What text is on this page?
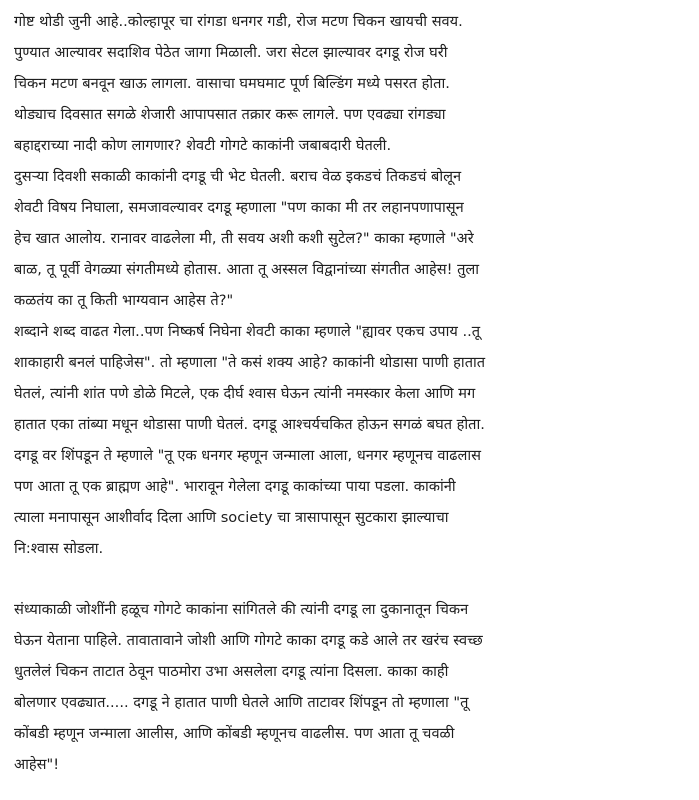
गोष्ट थोडी जुनी आहे..कोल्हापूर चा रांगडा धनगर गडी, रोज मटण चिकन खायची सवय.
पुण्यात आल्यावर सदाशिव पेठेत जागा मिळाली. जरा सेटल झाल्यावर दगडू रोज घरी
चिकन मटण बनवून खाऊ लागला. वासाचा घमघमाट पूर्ण बिल्डिंग मध्ये पसरत होता.
थोड्याच दिवसात सगळे शेजारी आपापसात तक्रार करू लागले. पण एवढ्या रांगड्या
बहाद्दराच्या नादी कोण लागणार? शेवटी गोगटे काकांनी जबाबदारी घेतली.
दुसऱ्या दिवशी सकाळी काकांनी दगडू ची भेट घेतली. बराच वेळ इकडचं तिकडचं बोलून
शेवटी विषय निघाला, समजावल्यावर दगडू म्हणाला "पण काका मी तर लहानपणापासून
हेच खात आलोय. रानावर वाढलेला मी, ती सवय अशी कशी सुटेल?" काका म्हणाले "अरे
बाळ, तू पूर्वी वेगळ्या संगतीमध्ये होतास. आता तू अस्सल विद्वानांच्या संगतीत आहेस! तुला
कळतंय का तू किती भाग्यवान आहेस ते?"
शब्दाने शब्द वाढत गेला..पण निष्कर्ष निघेना शेवटी काका म्हणाले "ह्यावर एकच उपाय ..तू
शाकाहारी बनलं पाहिजेस". तो म्हणाला "ते कसं शक्य आहे? काकांनी थोडासा पाणी हातात
घेतलं, त्यांनी शांत पणे डोळे मिटले, एक दीर्घ श्वास घेऊन त्यांनी नमस्कार केला आणि मग
हातात एका तांब्या मधून थोडासा पाणी घेतलं. दगडू आश्चर्यचकित होऊन सगळं बघत होता.
दगडू वर शिंपडून ते म्हणाले "तू एक धनगर म्हणून जन्माला आला, धनगर म्हणूनच वाढलास
पण आता तू एक ब्राह्मण आहे". भारावून गेलेला दगडू काकांच्या पाया पडला. काकांनी
त्याला मनापासून आशीर्वाद दिला आणि society चा त्रासापासून सुटकारा झाल्याचा
नि:श्वास सोडला.
संध्याकाळी जोशींनी हळूच गोगटे काकांना सांगितले की त्यांनी दगडू ला दुकानातून चिकन
घेऊन येताना पाहिले. तावातावाने जोशी आणि गोगटे काका दगडू कडे आले तर खरंच स्वच्छ
धुतलेलं चिकन ताटात ठेवून पाठमोरा उभा असलेला दगडू त्यांना दिसला. काका काही
बोलणार एवढ्यात..... दगडू ने हातात पाणी घेतले आणि ताटावर शिंपडून तो म्हणाला "तू
कोंबडी म्हणून जन्माला आलीस, आणि कोंबडी म्हणूनच वाढलीस. पण आता तू चवळी
आहेस"!
